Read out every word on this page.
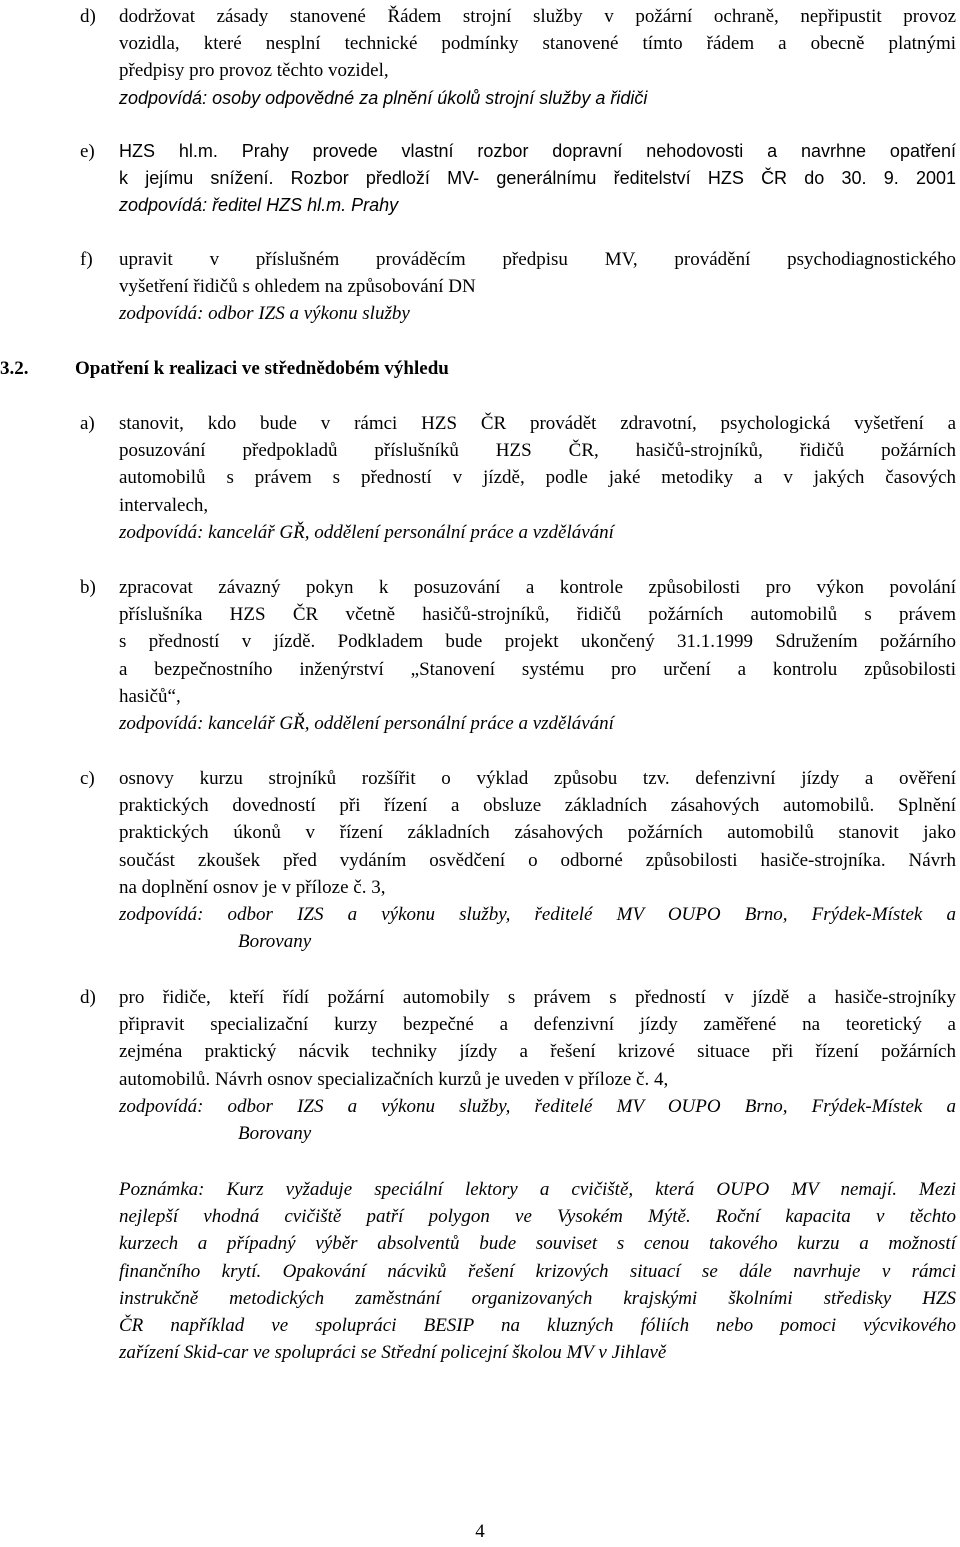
d) dodržovat zásady stanovené Řádem strojní služby v požární ochraně, nepřipustit provoz
vozidla, které nesplní technické podmínky stanovené tímto řádem a obecně platnými
předpisy pro provoz těchto vozidel,
zodpovídá: osoby odpovědné za plnění úkolů strojní služby a řidiči
e) HZS hl.m. Prahy provede vlastní rozbor dopravní nehodovosti a navrhne opatření
k jejímu snížení. Rozbor předloží MV- generálnímu ředitelství HZS ČR do 30. 9. 2001
zodpovídá: ředitel HZS hl.m. Prahy
f) upravit v příslušném prováděcím předpisu MV, provádění psychodiagnostického
vyšetření řidičů s ohledem na způsobování DN
zodpovídá: odbor IZS a výkonu služby
3.2. Opatření k realizaci ve střednědobém výhledu
a) stanovit, kdo bude v rámci HZS ČR provádět zdravotní, psychologická vyšetření a
posuzování předpokladů příslušníků HZS ČR, hasičů-strojníků, řidičů požárních
automobilů s právem s předností v jízdě, podle jaké metodiky a v jakých časových
intervalech,
zodpovídá: kancelář GŘ, oddělení personální práce a vzdělávání
b) zpracovat závazný pokyn k posuzování a kontrole způsobilosti pro výkon povolání
příslušníka HZS ČR včetně hasičů-strojníků, řidičů požárních automobilů s právem
s předností v jízdě. Podkladem bude projekt ukončený 31.1.1999 Sdružením požárního
a bezpečnostního inženýrství „Stanovení systému pro určení a kontrolu způsobilosti
hasičů“,
zodpovídá: kancelář GŘ, oddělení personální práce a vzdělávání
c) osnovy kurzu strojníků rozšířit o výklad způsobu tzv. defenzivní jízdy a ověření
praktických dovedností při řízení a obsluze základních zásahových automobilů. Splnění
praktických úkonů v řízení základních zásahových požárních automobilů stanovit jako
součást zkoušek před vydáním osvědčení o odborné způsobilosti hasiče-strojníka. Návrh
na doplnění osnov je v příloze č. 3,
zodpovídá: odbor IZS a výkonu služby, ředitelé MV OUPO Brno, Frýdek-Místek a
Borovany
d) pro řidiče, kteří řídí požární automobily s právem s předností v jízdě a hasiče-strojníky
připravit specializační kurzy bezpečné a defenzivní jízdy zaměřené na teoretický a
zejména praktický nácvik techniky jízdy a řešení krizové situace při řízení požárních
automobilů. Návrh osnov specializačních kurzů je uveden v příloze č. 4,
zodpovídá: odbor IZS a výkonu služby, ředitelé MV OUPO Brno, Frýdek-Místek a
Borovany
Poznámka: Kurz vyžaduje speciální lektory a cvičiště, která OUPO MV nemají. Mezi
nejlepší vhodná cvičiště patří polygon ve Vysokém Mýtě. Roční kapacita v těchto
kurzech a případný výběr absolventů bude souviset s cenou takového kurzu a možností
finančního krytí. Opakování nácviků řešení krizových situací se dále navrhuje v rámci
instrukčně metodických zaměstnání organizovaných krajskými školními středisky HZS
ČR například ve spolupráci BESIP na kluzných fóliích nebo pomoci výcvikového
zařízení Skid-car ve spolupráci se Střední policejní školou MV v Jihlavě
4
